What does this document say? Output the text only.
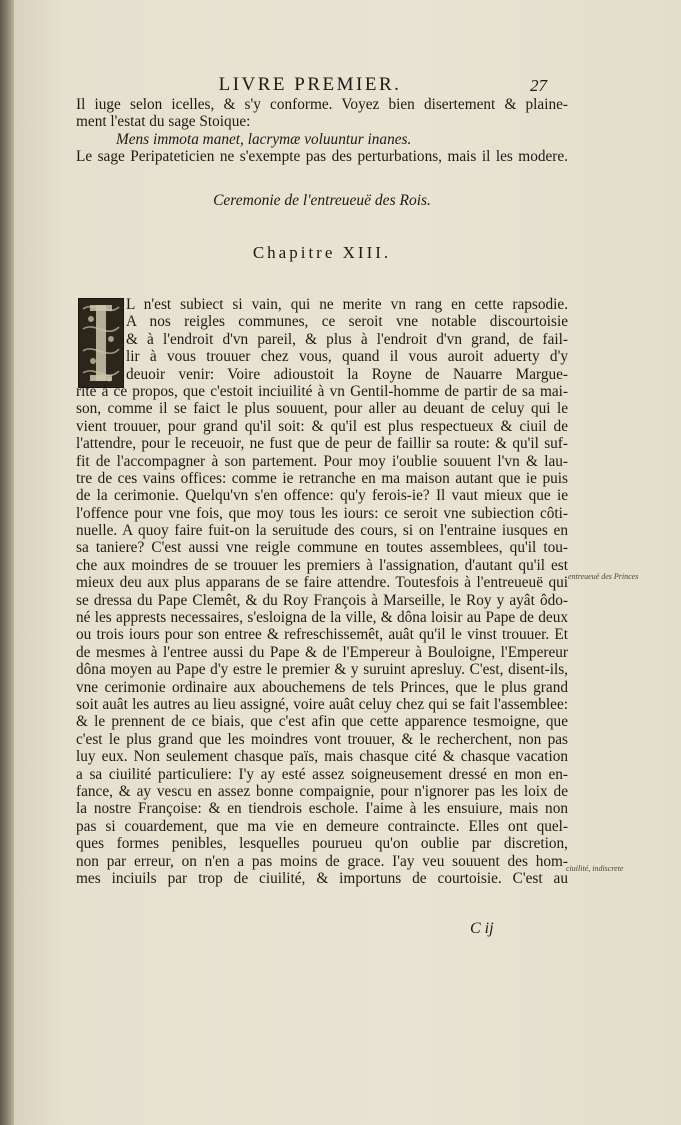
LIVRE PREMIER.	27
Il iuge selon icelles, & s'y conforme. Voyez bien disertement & plaine-
ment l'estat du sage Stoique:
Mens immota manet, lacrymæ voluuntur inanes.
Le sage Peripateticien ne s'exempte pas des perturbations, mais il les modere.
Ceremonie de l'entreueuë des Rois.
Chapitre XIII.
L n'est subiect si vain, qui ne merite vn rang en cette rapsodie.
A nos reigles communes, ce seroit vne notable discourtoisie
& à l'endroit d'vn pareil, & plus à l'endroit d'vn grand, de fail-
lir à vous trouuer chez vous, quand il vous auroit aduerty d'y
deuoir venir: Voire adioustoit la Royne de Nauarre Margue-
rite à ce propos, que c'estoit inciuilité à vn Gentil-homme de partir de sa mai-
son, comme il se faict le plus souuent, pour aller au deuant de celuy qui le
vient trouuer, pour grand qu'il soit: & qu'il est plus respectueux & ciuil de
l'attendre, pour le receuoir, ne fust que de peur de faillir sa route: & qu'il suf-
fit de l'accompagner à son partement. Pour moy i'oublie souuent l'vn & lau-
tre de ces vains offices: comme ie retranche en ma maison autant que ie puis
de la cerimonie. Quelqu'vn s'en offence: qu'y ferois-ie? Il vaut mieux que ie
l'offence pour vne fois, que moy tous les iours: ce seroit vne subiection côti-
nuelle. A quoy faire fuit-on la seruitude des cours, si on l'entraine iusques en
sa taniere? C'est aussi vne reigle commune en toutes assemblees, qu'il tou-
che aux moindres de se trouuer les premiers à l'assignation, d'autant qu'il est
mieux deu aux plus apparans de se faire attendre. Toutesfois à l'entreueuë qui
se dressa du Pape Clemêt, & du Roy François à Marseille, le Roy y ayât ôdo-
né les apprests necessaires, s'esloigna de la ville, & dôna loisir au Pape de deux
ou trois iours pour son entree & refreschissemêt, auât qu'il le vinst trouuer. Et
de mesmes à l'entree aussi du Pape & de l'Empereur à Bouloigne, l'Empereur
dôna moyen au Pape d'y estre le premier & y suruint apresluy. C'est, disent-ils,
vne cerimonie ordinaire aux abouchemens de tels Princes, que le plus grand
soit auât les autres au lieu assigné, voire auât celuy chez qui se fait l'assemblee:
& le prennent de ce biais, que c'est afin que cette apparence tesmoigne, que
c'est le plus grand que les moindres vont trouuer, & le recherchent, non pas
luy eux. Non seulement chasque païs, mais chasque cité & chasque vacation
a sa ciuilité particuliere: I'y ay esté assez soigneusement dressé en mon en-
fance, & ay vescu en assez bonne compaignie, pour n'ignorer pas les loix de
la nostre Françoise: & en tiendrois eschole. I'aime à les ensuiure, mais non
pas si couardement, que ma vie en demeure contraincte. Elles ont quel-
ques formes penibles, lesquelles pourueu qu'on oublie par discretion,
non par erreur, on n'en a pas moins de grace. I'ay veu souuent des hom-
mes inciuils par trop de ciuilité, & importuns de courtoisie. C'est au
entreueuë des Princes
ciuilité, indiscrete
C ij
